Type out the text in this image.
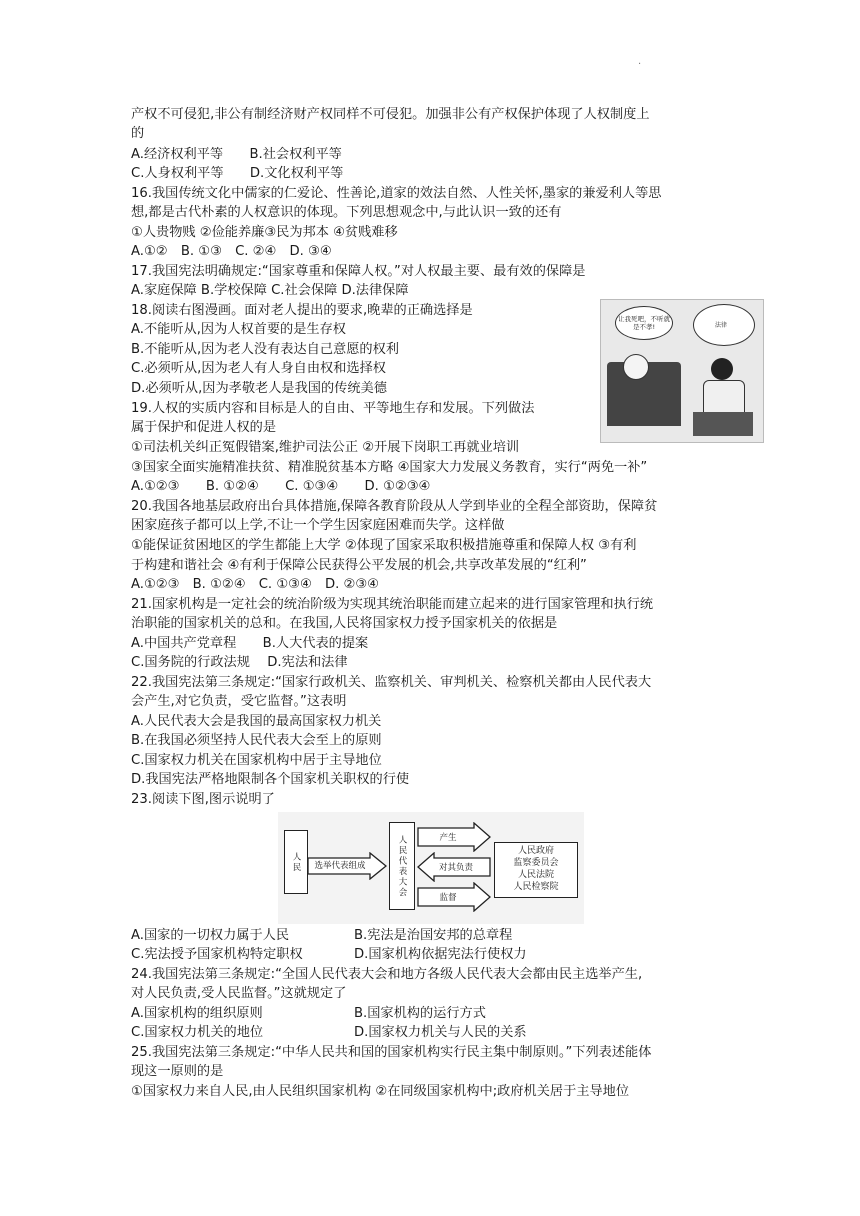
.
产权不可侵犯,非公有制经济财产权同样不可侵犯。加强非公有产权保护体现了人权制度上
的
A.经济权利平等　　B.社会权利平等
C.人身权利平等　　D.文化权利平等
16.我国传统文化中儒家的仁爱论、性善论,道家的效法自然、人性关怀,墨家的兼爱利人等思
想,都是古代朴素的人权意识的体现。下列思想观念中,与此认识一致的还有
①人贵物贱 ②俭能养廉③民为邦本 ④贫贱难移
A.①②　B. ①③　C. ②④　D. ③④
17.我国宪法明确规定:“国家尊重和保障人权。”对人权最主要、最有效的保障是
A.家庭保障 B.学校保障 C.社会保障 D.法律保障
18.阅读右图漫画。面对老人提出的要求,晚辈的正确选择是
A.不能听从,因为人权首要的是生存权
B.不能听从,因为老人没有表达自己意愿的权利
C.必须听从,因为老人有人身自由权和选择权
D.必须听从,因为孝敬老人是我国的传统美德
19.人权的实质内容和目标是人的自由、平等地生存和发展。下列做法
属于保护和促进人权的是
①司法机关纠正冤假错案,维护司法公正 ②开展下岗职工再就业培训
③国家全面实施精准扶贫、精准脱贫基本方略 ④国家大力发展义务教育，实行“两免一补”
A.①②③　　B. ①②④　　C. ①③④　　D. ①②③④
20.我国各地基层政府出台具体措施,保障各教育阶段从人学到毕业的全程全部资助，保障贫
困家庭孩子都可以上学,不让一个学生因家庭困难而失学。这样做
①能保证贫困地区的学生都能上大学 ②体现了国家采取积极措施尊重和保障人权 ③有利
于构建和谐社会 ④有利于保障公民获得公平发展的机会,共享改革发展的“红利”
A.①②③　B. ①②④　C. ①③④　D. ②③④
21.国家机构是一定社会的统治阶级为实现其统治职能而建立起来的进行国家管理和执行统
治职能的国家机关的总和。在我国,人民将国家权力授予国家机关的依据是
A.中国共产党章程　　B.人大代表的提案
C.国务院的行政法规　 D.宪法和法律
22.我国宪法第三条规定:“国家行政机关、监察机关、审判机关、检察机关都由人民代表大
会产生,对它负责，受它监督。”这表明
A.人民代表大会是我国的最高国家权力机关
B.在我国必须坚持人民代表大会至上的原则
C.国家权力机关在国家机构中居于主导地位
D.我国宪法严格地限制各个国家机关职权的行使
23.阅读下图,图示说明了
让我死吧，不听就是不孝!	法律
人民	选举代表组成	人民代表大会	产生
对其负责
监督
人民政府
监察委员会
人民法院
人民检察院
A.国家的一切权力属于人民	B.宪法是治国安邦的总章程
C.宪法授予国家机构特定职权	D.国家机构依据宪法行使权力
24.我国宪法第三条规定:“全国人民代表大会和地方各级人民代表大会都由民主选举产生,
对人民负责,受人民监督。”这就规定了
A.国家机构的组织原则	B.国家机构的运行方式
C.国家权力机关的地位	D.国家权力机关与人民的关系
25.我国宪法第三条规定:“中华人民共和国的国家机构实行民主集中制原则。”下列表述能体
现这一原则的是
①国家权力来自人民,由人民组织国家机构 ②在同级国家机构中;政府机关居于主导地位
